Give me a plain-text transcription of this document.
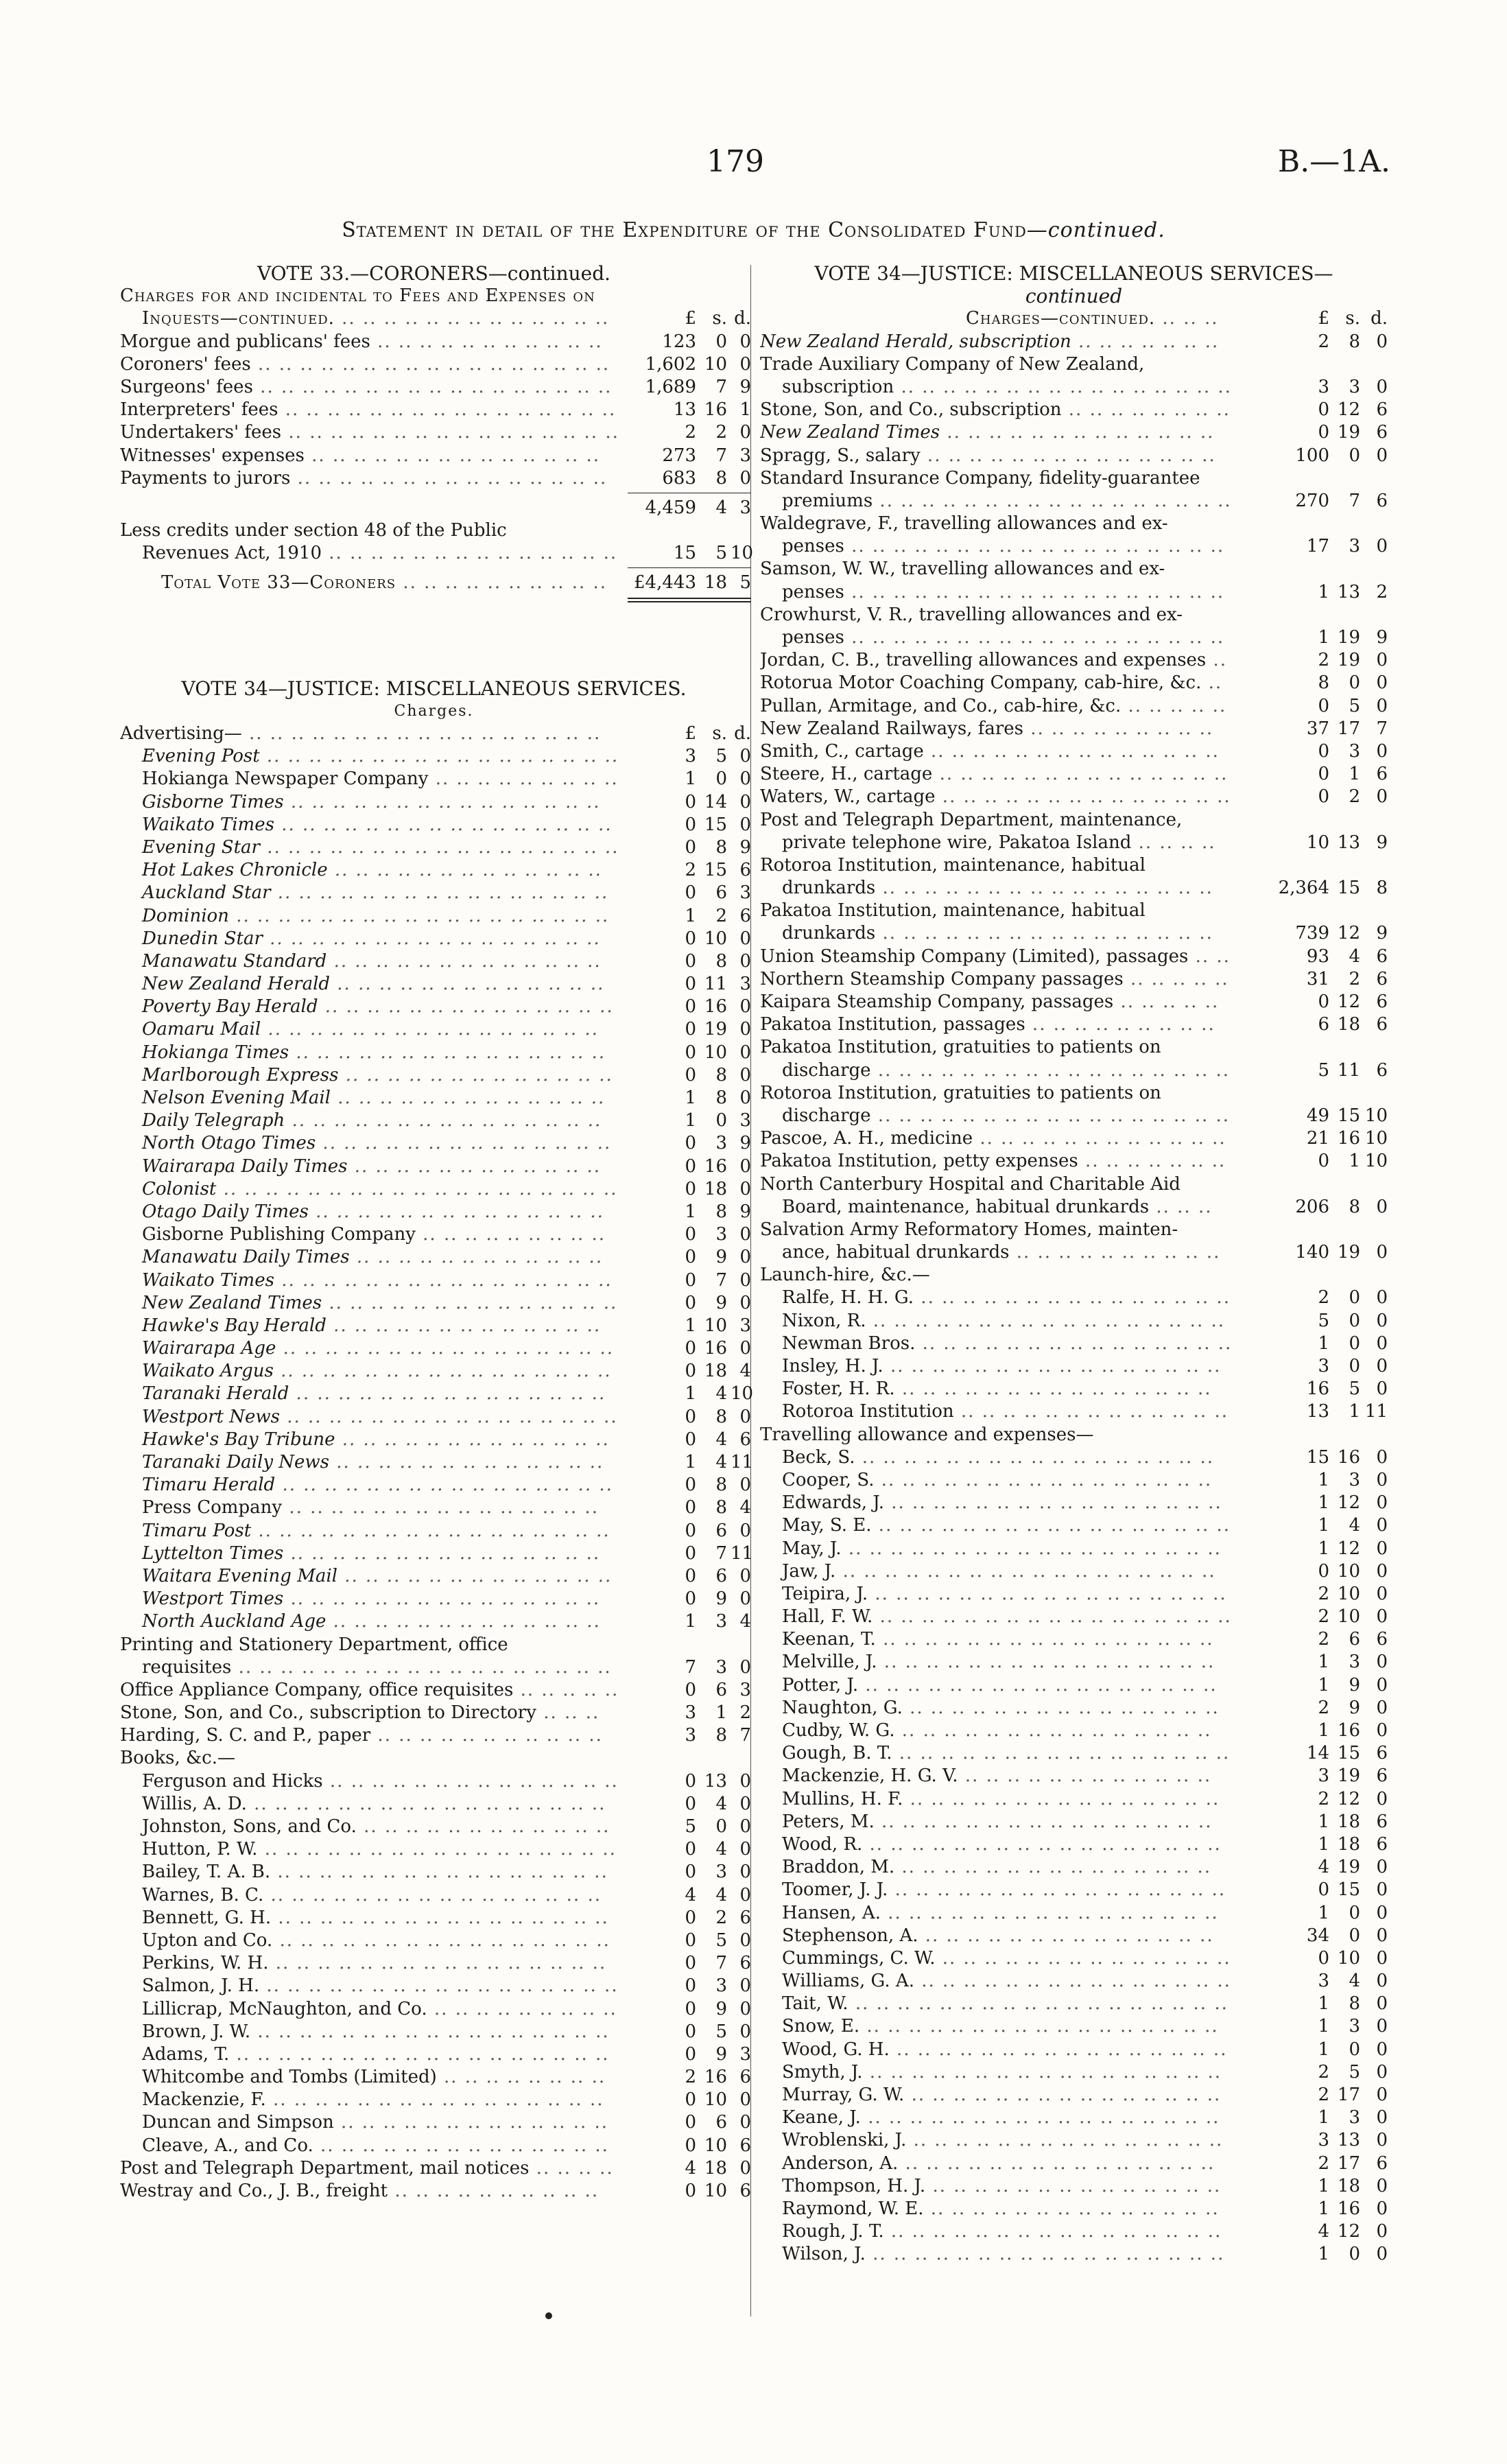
179	B.—1A.
Statement in detail of the Expenditure of the Consolidated Fund—continued.
VOTE 33.—CORONERS—continued.
Charges for and incidental to Fees and Expenses on
Inquests—continued. .. .. .. .. .. .. .. .. .. .. .. .. ..	£ s. d.
Morgue and publicans' fees .. .. .. .. .. .. .. .. .. .. ..	123	0 0
Coroners' fees .. .. .. .. .. .. .. .. .. .. .. .. .. .. .. .. ..	1,602 10 0
Surgeons' fees .. .. .. .. .. .. .. .. .. .. .. .. .. .. .. .. ..	1,689	7 9
Interpreters' fees .. .. .. .. .. .. .. .. .. .. .. .. .. .. .. ..	13 16 1
Undertakers' fees .. .. .. .. .. .. .. .. .. .. .. .. .. .. .. ..	2	2 0
Witnesses' expenses .. .. .. .. .. .. .. .. .. .. .. .. .. ..	273	7 3
Payments to jurors .. .. .. .. .. .. .. .. .. .. .. .. .. .. ..	683	8 0
4,459	4 3
Less credits under section 48 of the Public
Revenues Act, 1910 .. .. .. .. .. .. .. .. .. .. .. .. .. ..	15	5 10
Total Vote 33—Coroners .. .. .. .. .. .. .. .. .. ..	£4,443 18 5
VOTE 34—JUSTICE: MISCELLANEOUS SERVICES.
Charges.
Advertising— .. .. .. .. .. .. .. .. .. .. .. .. .. .. .. .. ..	£ s. d.
Evening Post .. .. .. .. .. .. .. .. .. .. .. .. .. .. .. .. ..	3	5 0
Hokianga Newspaper Company .. .. .. .. .. .. .. .. ..	1	0 0
Gisborne Times .. .. .. .. .. .. .. .. .. .. .. .. .. .. ..	0 14 0
Waikato Times .. .. .. .. .. .. .. .. .. .. .. .. .. .. .. ..	0 15 0
Evening Star .. .. .. .. .. .. .. .. .. .. .. .. .. .. .. .. ..	0	8 9
Hot Lakes Chronicle .. .. .. .. .. .. .. .. .. .. .. .. ..	2 15 6
Auckland Star .. .. .. .. .. .. .. .. .. .. .. .. .. .. .. ..	0	6 3
Dominion .. .. .. .. .. .. .. .. .. .. .. .. .. .. .. .. .. ..	1	2 6
Dunedin Star .. .. .. .. .. .. .. .. .. .. .. .. .. .. .. ..	0 10 0
Manawatu Standard .. .. .. .. .. .. .. .. .. .. .. .. ..	0	8 0
New Zealand Herald .. .. .. .. .. .. .. .. .. .. .. .. ..	0 11 3
Poverty Bay Herald .. .. .. .. .. .. .. .. .. .. .. .. .. ..	0 16 0
Oamaru Mail .. .. .. .. .. .. .. .. .. .. .. .. .. .. .. ..	0 19 0
Hokianga Times .. .. .. .. .. .. .. .. .. .. .. .. .. .. ..	0 10 0
Marlborough Express .. .. .. .. .. .. .. .. .. .. .. .. ..	0	8 0
Nelson Evening Mail .. .. .. .. .. .. .. .. .. .. .. .. ..	1	8 0
Daily Telegraph .. .. .. .. .. .. .. .. .. .. .. .. .. .. ..	1	0 3
North Otago Times .. .. .. .. .. .. .. .. .. .. .. .. .. ..	0	3 9
Wairarapa Daily Times .. .. .. .. .. .. .. .. .. .. .. ..	0 16 0
Colonist .. .. .. .. .. .. .. .. .. .. .. .. .. .. .. .. .. .. ..	0 18 0
Otago Daily Times .. .. .. .. .. .. .. .. .. .. .. .. .. ..	1	8 9
Gisborne Publishing Company .. .. .. .. .. .. .. .. ..	0	3 0
Manawatu Daily Times .. .. .. .. .. .. .. .. .. .. .. ..	0	9 0
Waikato Times .. .. .. .. .. .. .. .. .. .. .. .. .. .. .. ..	0	7 0
New Zealand Times .. .. .. .. .. .. .. .. .. .. .. .. .. ..	0	9 0
Hawke's Bay Herald .. .. .. .. .. .. .. .. .. .. .. .. ..	1 10 3
Wairarapa Age .. .. .. .. .. .. .. .. .. .. .. .. .. .. .. ..	0 16 0
Waikato Argus .. .. .. .. .. .. .. .. .. .. .. .. .. .. .. ..	0 18 4
Taranaki Herald .. .. .. .. .. .. .. .. .. .. .. .. .. .. ..	1	4 10
Westport News .. .. .. .. .. .. .. .. .. .. .. .. .. .. .. ..	0	8 0
Hawke's Bay Tribune .. .. .. .. .. .. .. .. .. .. .. .. ..	0	4 6
Taranaki Daily News .. .. .. .. .. .. .. .. .. .. .. .. ..	1	4 11
Timaru Herald .. .. .. .. .. .. .. .. .. .. .. .. .. .. .. ..	0	8 0
Press Company .. .. .. .. .. .. .. .. .. .. .. .. .. .. ..	0	8 4
Timaru Post .. .. .. .. .. .. .. .. .. .. .. .. .. .. .. .. ..	0	6 0
Lyttelton Times .. .. .. .. .. .. .. .. .. .. .. .. .. .. ..	0	7 11
Waitara Evening Mail .. .. .. .. .. .. .. .. .. .. .. .. ..	0	6 0
Westport Times .. .. .. .. .. .. .. .. .. .. .. .. .. .. ..	0	9 0
North Auckland Age .. .. .. .. .. .. .. .. .. .. .. .. ..	1	3 4
Printing and Stationery Department, office
requisites .. .. .. .. .. .. .. .. .. .. .. .. .. .. .. .. .. ..	7	3 0
Office Appliance Company, office requisites .. .. .. .. ..	0	6 3
Stone, Son, and Co., subscription to Directory .. .. ..	3	1 2
Harding, S. C. and P., paper .. .. .. .. .. .. .. .. .. .. ..	3	8 7
Books, &c.—
Ferguson and Hicks .. .. .. .. .. .. .. .. .. .. .. .. .. ..	0 13 0
Willis, A. D. .. .. .. .. .. .. .. .. .. .. .. .. .. .. .. .. ..	0	4 0
Johnston, Sons, and Co. .. .. .. .. .. .. .. .. .. .. .. ..	5	0 0
Hutton, P. W. .. .. .. .. .. .. .. .. .. .. .. .. .. .. .. .. ..	0	4 0
Bailey, T. A. B. .. .. .. .. .. .. .. .. .. .. .. .. .. .. .. ..	0	3 0
Warnes, B. C. .. .. .. .. .. .. .. .. .. .. .. .. .. .. .. ..	4	4 0
Bennett, G. H. .. .. .. .. .. .. .. .. .. .. .. .. .. .. .. ..	0	2 6
Upton and Co. .. .. .. .. .. .. .. .. .. .. .. .. .. .. .. ..	0	5 0
Perkins, W. H. .. .. .. .. .. .. .. .. .. .. .. .. .. .. .. ..	0	7 6
Salmon, J. H. .. .. .. .. .. .. .. .. .. .. .. .. .. .. .. .. ..	0	3 0
Lillicrap, McNaughton, and Co. .. .. .. .. .. .. .. .. ..	0	9 0
Brown, J. W. .. .. .. .. .. .. .. .. .. .. .. .. .. .. .. .. ..	0	5 0
Adams, T. .. .. .. .. .. .. .. .. .. .. .. .. .. .. .. .. .. ..	0	9 3
Whitcombe and Tombs (Limited) .. .. .. .. .. .. .. ..	2 16 6
Mackenzie, F. .. .. .. .. .. .. .. .. .. .. .. .. .. .. .. ..	0 10 0
Duncan and Simpson .. .. .. .. .. .. .. .. .. .. .. .. ..	0	6 0
Cleave, A., and Co. .. .. .. .. .. .. .. .. .. .. .. .. .. ..	0 10 6
Post and Telegraph Department, mail notices .. .. .. ..	4 18 0
Westray and Co., J. B., freight .. .. .. .. .. .. .. .. .. ..	0 10 6
VOTE 34—JUSTICE: MISCELLANEOUS SERVICES—
continued
Charges—continued. .. .. ..	£ s. d.
New Zealand Herald, subscription .. .. .. .. .. .. ..	2	8 0
Trade Auxiliary Company of New Zealand,
subscription .. .. .. .. .. .. .. .. .. .. .. .. .. .. .. ..	3	3 0
Stone, Son, and Co., subscription .. .. .. .. .. .. .. ..	0 12 6
New Zealand Times .. .. .. .. .. .. .. .. .. .. .. .. ..	0 19 6
Spragg, S., salary .. .. .. .. .. .. .. .. .. .. .. .. .. ..	100	0 0
Standard Insurance Company, fidelity-guarantee
premiums .. .. .. .. .. .. .. .. .. .. .. .. .. .. .. .. ..	270	7 6
Waldegrave, F., travelling allowances and ex-
penses .. .. .. .. .. .. .. .. .. .. .. .. .. .. .. .. .. ..	17	3 0
Samson, W. W., travelling allowances and ex-
penses .. .. .. .. .. .. .. .. .. .. .. .. .. .. .. .. .. ..	1 13 2
Crowhurst, V. R., travelling allowances and ex-
penses .. .. .. .. .. .. .. .. .. .. .. .. .. .. .. .. .. ..	1 19 9
Jordan, C. B., travelling allowances and expenses ..	2 19 0
Rotorua Motor Coaching Company, cab-hire, &c. ..	8	0 0
Pullan, Armitage, and Co., cab-hire, &c. .. .. .. .. ..	0	5 0
New Zealand Railways, fares .. .. .. .. .. .. .. .. ..	37 17 7
Smith, C., cartage .. .. .. .. .. .. .. .. .. .. .. .. .. ..	0	3 0
Steere, H., cartage .. .. .. .. .. .. .. .. .. .. .. .. .. ..	0	1 6
Waters, W., cartage .. .. .. .. .. .. .. .. .. .. .. .. .. ..	0	2 0
Post and Telegraph Department, maintenance,
private telephone wire, Pakatoa Island .. .. .. ..	10 13 9
Rotoroa Institution, maintenance, habitual
drunkards .. .. .. .. .. .. .. .. .. .. .. .. .. .. .. ..	2,364 15 8
Pakatoa Institution, maintenance, habitual
drunkards .. .. .. .. .. .. .. .. .. .. .. .. .. .. .. ..	739 12 9
Union Steamship Company (Limited), passages .. ..	93	4 6
Northern Steamship Company passages .. .. .. .. ..	31	2 6
Kaipara Steamship Company, passages .. .. .. .. ..	0 12 6
Pakatoa Institution, passages .. .. .. .. .. .. .. .. ..	6 18 6
Pakatoa Institution, gratuities to patients on
discharge .. .. .. .. .. .. .. .. .. .. .. .. .. .. .. .. ..	5 11 6
Rotoroa Institution, gratuities to patients on
discharge .. .. .. .. .. .. .. .. .. .. .. .. .. .. .. .. ..	49 15 10
Pascoe, A. H., medicine .. .. .. .. .. .. .. .. .. .. .. ..	21 16 10
Pakatoa Institution, petty expenses .. .. .. .. .. .. ..	0	1 10
North Canterbury Hospital and Charitable Aid
Board, maintenance, habitual drunkards .. .. ..	206	8 0
Salvation Army Reformatory Homes, mainten-
ance, habitual drunkards .. .. .. .. .. .. .. .. .. ..	140 19 0
Launch-hire, &c.—
Ralfe, H. H. G. .. .. .. .. .. .. .. .. .. .. .. .. .. .. ..	2	0 0
Nixon, R. .. .. .. .. .. .. .. .. .. .. .. .. .. .. .. .. ..	5	0 0
Newman Bros. .. .. .. .. .. .. .. .. .. .. .. .. .. .. ..	1	0 0
Insley, H. J. .. .. .. .. .. .. .. .. .. .. .. .. .. .. .. ..	3	0 0
Foster, H. R. .. .. .. .. .. .. .. .. .. .. .. .. .. .. ..	16	5 0
Rotoroa Institution .. .. .. .. .. .. .. .. .. .. .. .. ..	13	1 11
Travelling allowance and expenses—
Beck, S. .. .. .. .. .. .. .. .. .. .. .. .. .. .. .. .. ..	15 16 0
Cooper, S. .. .. .. .. .. .. .. .. .. .. .. .. .. .. .. ..	1	3 0
Edwards, J. .. .. .. .. .. .. .. .. .. .. .. .. .. .. .. ..	1 12 0
May, S. E. .. .. .. .. .. .. .. .. .. .. .. .. .. .. .. .. ..	1	4 0
May, J. .. .. .. .. .. .. .. .. .. .. .. .. .. .. .. .. .. ..	1 12 0
Jaw, J. .. .. .. .. .. .. .. .. .. .. .. .. .. .. .. .. .. ..	0 10 0
Teipira, J. .. .. .. .. .. .. .. .. .. .. .. .. .. .. .. .. ..	2 10 0
Hall, F. W. .. .. .. .. .. .. .. .. .. .. .. .. .. .. .. .. ..	2 10 0
Keenan, T. .. .. .. .. .. .. .. .. .. .. .. .. .. .. .. ..	2	6 6
Melville, J. .. .. .. .. .. .. .. .. .. .. .. .. .. .. .. ..	1	3 0
Potter, J. .. .. .. .. .. .. .. .. .. .. .. .. .. .. .. .. ..	1	9 0
Naughton, G. .. .. .. .. .. .. .. .. .. .. .. .. .. .. ..	2	9 0
Cudby, W. G. .. .. .. .. .. .. .. .. .. .. .. .. .. .. ..	1 16 0
Gough, B. T. .. .. .. .. .. .. .. .. .. .. .. .. .. .. .. ..	14 15 6
Mackenzie, H. G. V. .. .. .. .. .. .. .. .. .. .. .. ..	3 19 6
Mullins, H. F. .. .. .. .. .. .. .. .. .. .. .. .. .. .. ..	2 12 0
Peters, M. .. .. .. .. .. .. .. .. .. .. .. .. .. .. .. ..	1 18 6
Wood, R. .. .. .. .. .. .. .. .. .. .. .. .. .. .. .. .. ..	1 18 6
Braddon, M. .. .. .. .. .. .. .. .. .. .. .. .. .. .. ..	4 19 0
Toomer, J. J. .. .. .. .. .. .. .. .. .. .. .. .. .. .. .. ..	0 15 0
Hansen, A. .. .. .. .. .. .. .. .. .. .. .. .. .. .. .. ..	1	0 0
Stephenson, A. .. .. .. .. .. .. .. .. .. .. .. .. .. ..	34	0 0
Cummings, C. W. .. .. .. .. .. .. .. .. .. .. .. .. .. ..	0 10 0
Williams, G. A. .. .. .. .. .. .. .. .. .. .. .. .. .. .. ..	3	4 0
Tait, W. .. .. .. .. .. .. .. .. .. .. .. .. .. .. .. .. .. ..	1	8 0
Snow, E. .. .. .. .. .. .. .. .. .. .. .. .. .. .. .. .. ..	1	3 0
Wood, G. H. .. .. .. .. .. .. .. .. .. .. .. .. .. .. .. ..	1	0 0
Smyth, J. .. .. .. .. .. .. .. .. .. .. .. .. .. .. .. .. ..	2	5 0
Murray, G. W. .. .. .. .. .. .. .. .. .. .. .. .. .. .. ..	2 17 0
Keane, J. .. .. .. .. .. .. .. .. .. .. .. .. .. .. .. .. ..	1	3 0
Wroblenski, J. .. .. .. .. .. .. .. .. .. .. .. .. .. .. ..	3 13 0
Anderson, A. .. .. .. .. .. .. .. .. .. .. .. .. .. .. ..	2 17 6
Thompson, H. J. .. .. .. .. .. .. .. .. .. .. .. .. .. ..	1 18 0
Raymond, W. E. .. .. .. .. .. .. .. .. .. .. .. .. .. ..	1 16 0
Rough, J. T. .. .. .. .. .. .. .. .. .. .. .. .. .. .. .. ..	4 12 0
Wilson, J. .. .. .. .. .. .. .. .. .. .. .. .. .. .. .. .. ..	1	0 0
